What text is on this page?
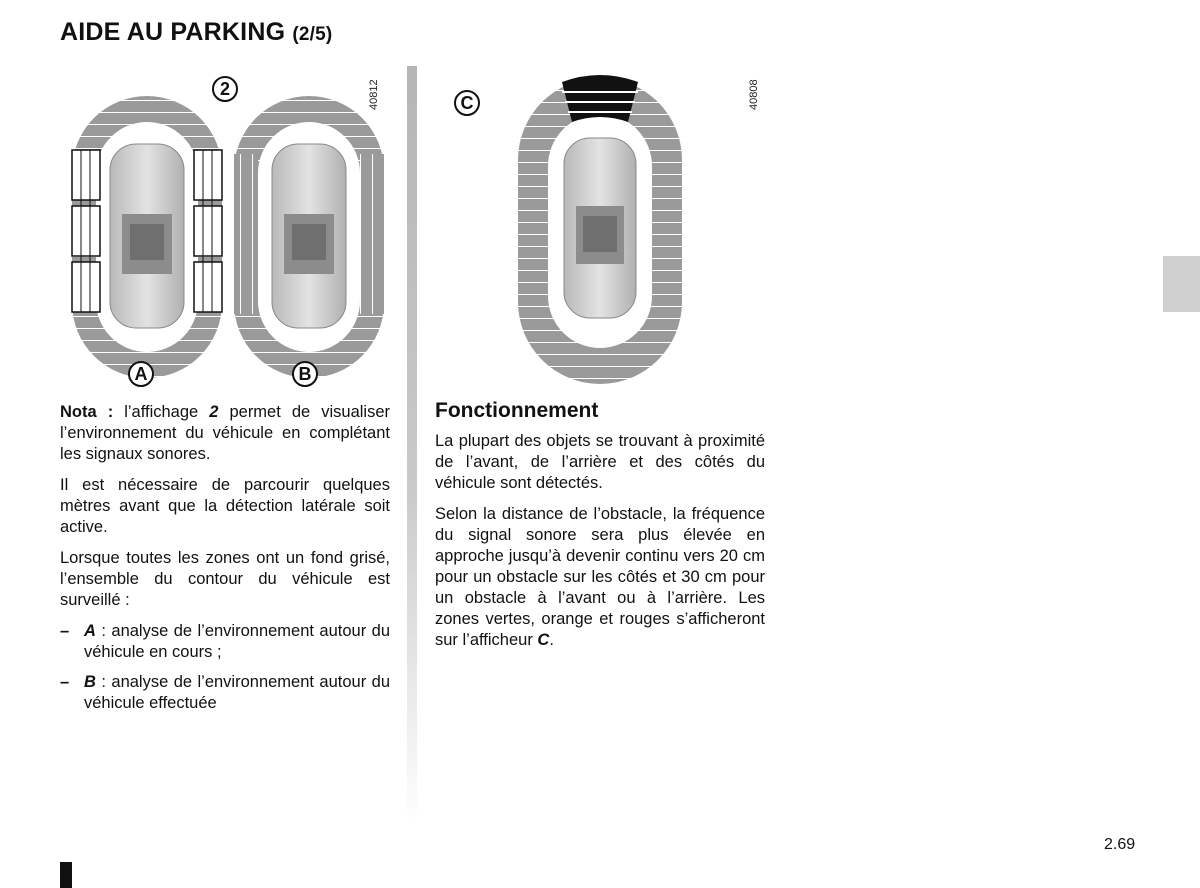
AIDE AU PARKING (2/5)
2
A	B
40812	C	40808

Nota : l’affichage 2 permet de visualiser l’environnement du véhicule en complétant les signaux sonores.

Il est nécessaire de parcourir quelques mètres avant que la détection latérale soit active.

Lorsque toutes les zones ont un fond grisé, l’ensemble du contour du véhicule est surveillé :

– A : analyse de l’environnement autour du véhicule en cours ;
– B : analyse de l’environnement autour du véhicule effectuée
Fonctionnement

La plupart des objets se trouvant à proximité de l’avant, de l’arrière et des côtés du véhicule sont détectés.

Selon la distance de l’obstacle, la fréquence du signal sonore sera plus élevée en approche jusqu’à devenir continu vers 20 cm pour un obstacle sur les côtés et 30 cm pour un obstacle à l’avant ou à l’arrière. Les zones vertes, orange et rouges s’afficheront sur l’afficheur C.

2.69
